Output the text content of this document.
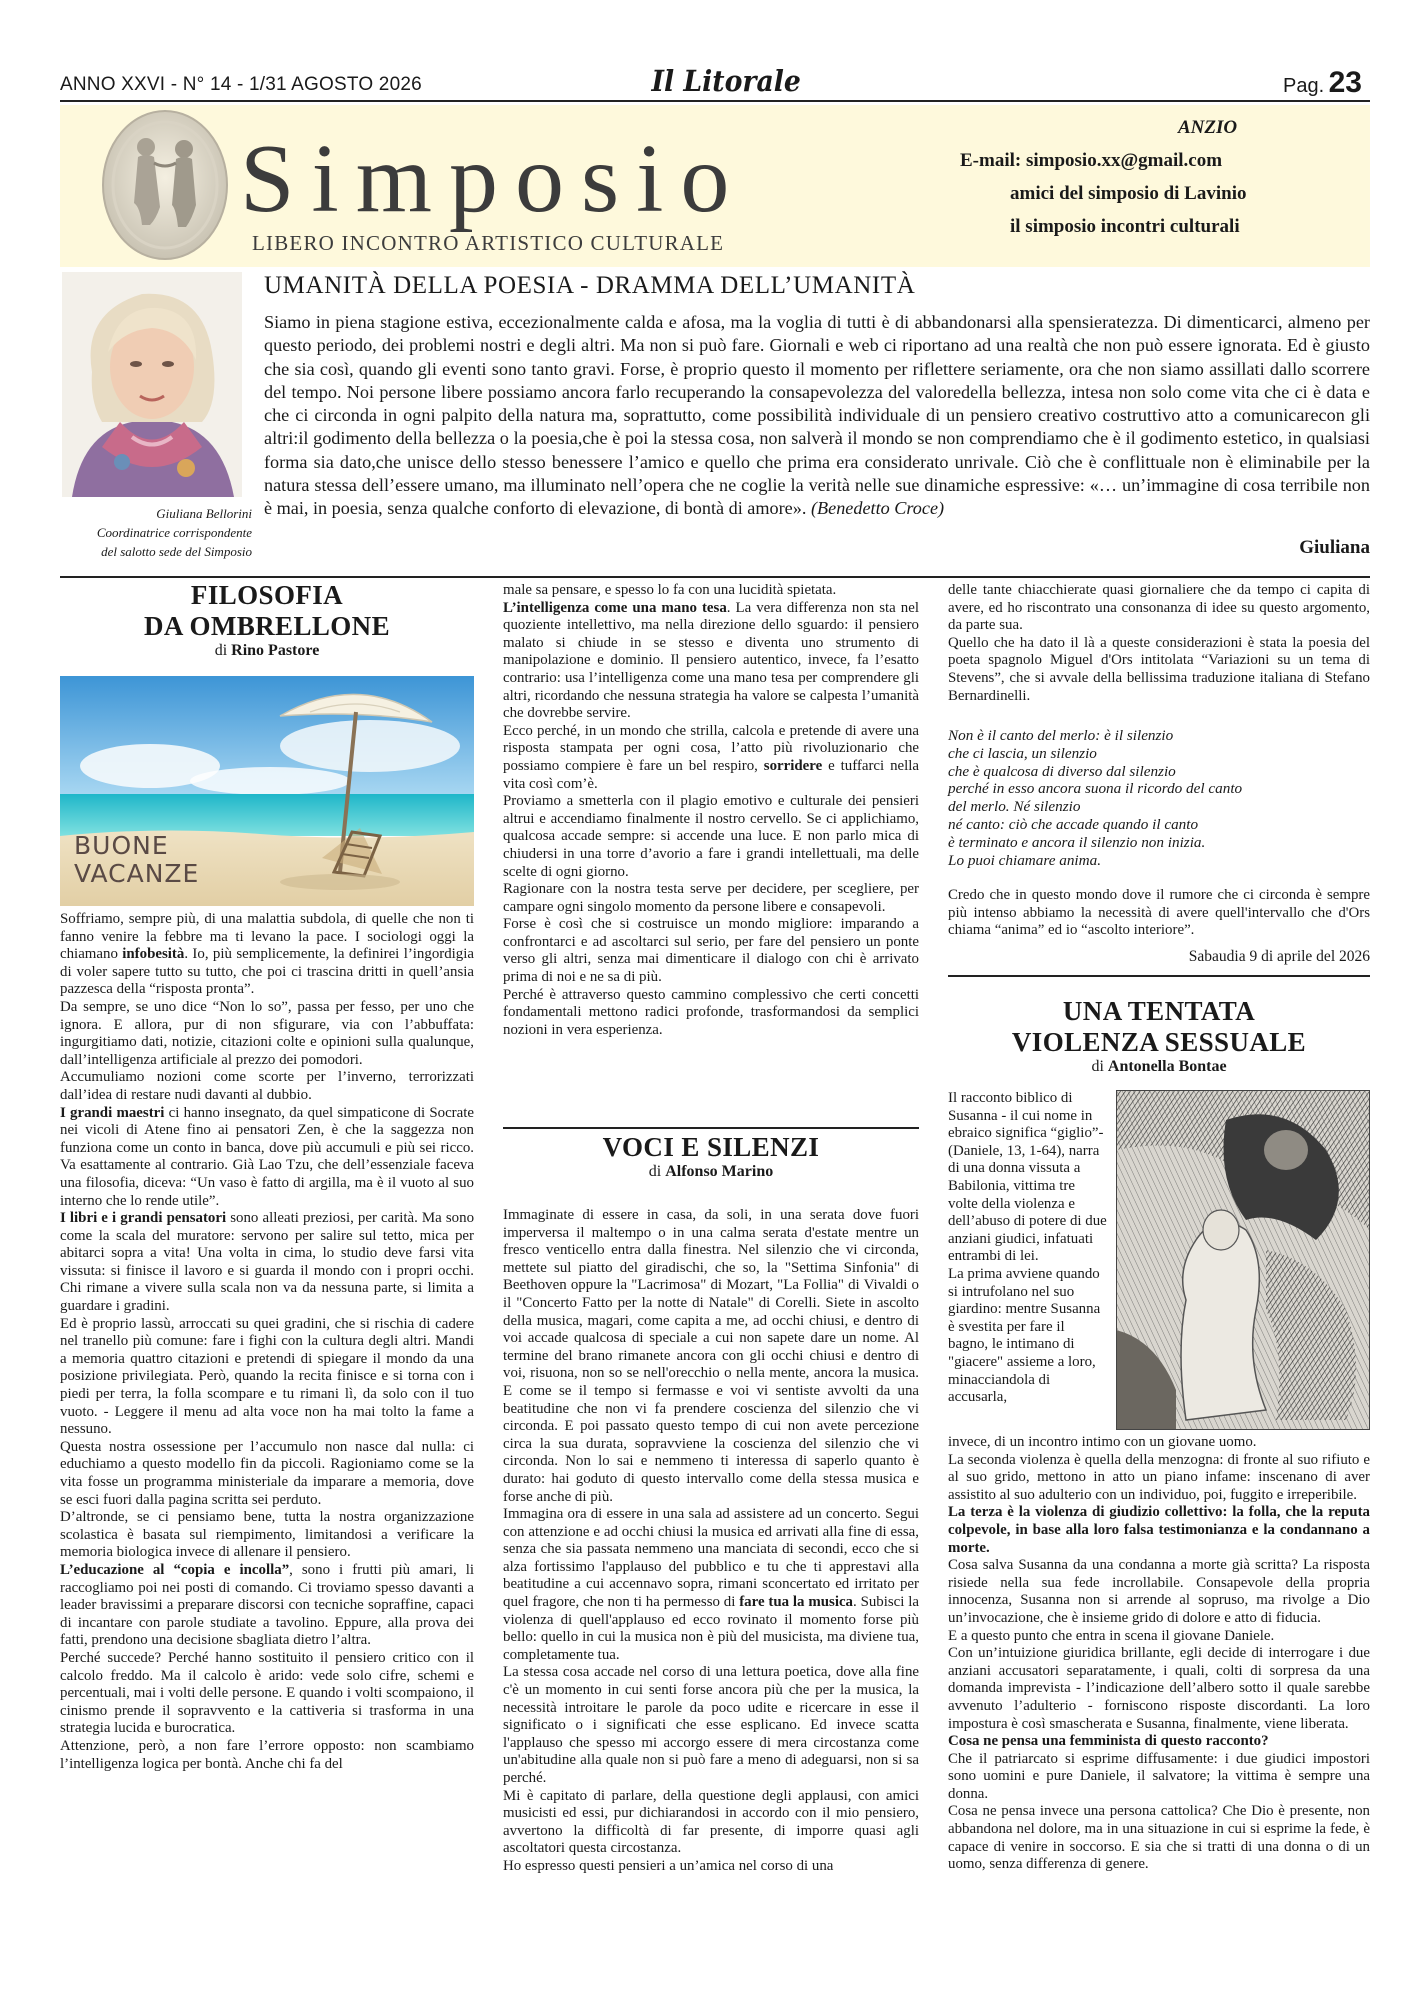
ANNO XXVI - N° 14 - 1/31 AGOSTO 2026	Il Litorale	Pag. 23
Simposio
LIBERO INCONTRO ARTISTICO CULTURALE
ANZIO
E-mail: simposio.xx@gmail.com
amici del simposio di Lavinio
il simposio incontri culturali
Giuliana Bellorini
Coordinatrice corrispondente
del salotto sede del Simposio
UMANITÀ DELLA POESIA - DRAMMA DELL’UMANITÀ
Siamo in piena stagione estiva, eccezionalmente calda e afosa, ma la voglia di tutti è di abbandonarsi alla spensieratezza. Di dimenticarci, almeno per questo periodo, dei problemi nostri e degli altri. Ma non si può fare. Giornali e web ci riportano ad una realtà che non può essere ignorata. Ed è giusto che sia così, quando gli eventi sono tanto gravi. Forse, è proprio questo il momento per riflettere seriamente, ora che non siamo assillati dallo scorrere del tempo. Noi persone libere possiamo ancora farlo recuperando la consapevolezza del valoredella bellezza, intesa non solo come vita che ci è data e che ci circonda in ogni palpito della natura ma, soprattutto, come possibilità individuale di un pensiero creativo costruttivo atto a comunicarecon gli altri:il godimento della bellezza o la poesia,che è poi la stessa cosa, non salverà il mondo se non comprendiamo che è il godimento estetico, in qualsiasi forma sia dato,che unisce dello stesso benessere l’amico e quello che prima era considerato unrivale. Ciò che è conflittuale non è eliminabile per la natura stessa dell’essere umano, ma illuminato nell’opera che ne coglie la verità nelle sue dinamiche espressive: «… un’immagine di cosa terribile non è mai, in poesia, senza qualche conforto di elevazione, di bontà di amore». (Benedetto Croce)
Giuliana
FILOSOFIA
DA OMBRELLONE
di Rino Pastore
BUONE
VACANZE

Soffriamo, sempre più, di una malattia subdola, di quelle che non ti fanno venire la febbre ma ti levano la pace. I sociologi oggi la chiamano infobesità. Io, più semplicemente, la definirei l’ingordigia di voler sapere tutto su tutto, che poi ci trascina dritti in quell’ansia pazzesca della “risposta pronta”.

Da sempre, se uno dice “Non lo so”, passa per fesso, per uno che ignora. E allora, pur di non sfigurare, via con l’abbuffata: ingurgitiamo dati, notizie, citazioni colte e opinioni sulla qualunque, dall’intelligenza artificiale al prezzo dei pomodori.

Accumuliamo nozioni come scorte per l’inverno, terrorizzati dall’idea di restare nudi davanti al dubbio.

I grandi maestri ci hanno insegnato, da quel simpaticone di Socrate nei vicoli di Atene fino ai pensatori Zen, è che la saggezza non funziona come un conto in banca, dove più accumuli e più sei ricco. Va esattamente al contrario. Già Lao Tzu, che dell’essenziale faceva una filosofia, diceva: “Un vaso è fatto di argilla, ma è il vuoto al suo interno che lo rende utile”.

I libri e i grandi pensatori sono alleati preziosi, per carità. Ma sono come la scala del muratore: servono per salire sul tetto, mica per abitarci sopra a vita! Una volta in cima, lo studio deve farsi vita vissuta: si finisce il lavoro e si guarda il mondo con i propri occhi. Chi rimane a vivere sulla scala non va da nessuna parte, si limita a guardare i gradini.

Ed è proprio lassù, arroccati su quei gradini, che si rischia di cadere nel tranello più comune: fare i fighi con la cultura degli altri. Mandi a memoria quattro citazioni e pretendi di spiegare il mondo da una posizione privilegiata. Però, quando la recita finisce e si torna con i piedi per terra, la folla scompare e tu rimani lì, da solo con il tuo vuoto. - Leggere il menu ad alta voce non ha mai tolto la fame a nessuno.

Questa nostra ossessione per l’accumulo non nasce dal nulla: ci educhiamo a questo modello fin da piccoli. Ragioniamo come se la vita fosse un programma ministeriale da imparare a memoria, dove se esci fuori dalla pagina scritta sei perduto.

D’altronde, se ci pensiamo bene, tutta la nostra organizzazione scolastica è basata sul riempimento, limitandosi a verificare la memoria biologica invece di allenare il pensiero.

L’educazione al “copia e incolla”, sono i frutti più amari, li raccogliamo poi nei posti di comando. Ci troviamo spesso davanti a leader bravissimi a preparare discorsi con tecniche sopraffine, capaci di incantare con parole studiate a tavolino. Eppure, alla prova dei fatti, prendono una decisione sbagliata dietro l’altra.

Perché succede? Perché hanno sostituito il pensiero critico con il calcolo freddo. Ma il calcolo è arido: vede solo cifre, schemi e percentuali, mai i volti delle persone. E quando i volti scompaiono, il cinismo prende il sopravvento e la cattiveria si trasforma in una strategia lucida e burocratica.

Attenzione, però, a non fare l’errore opposto: non scambiamo l’intelligenza logica per bontà. Anche chi fa del

male sa pensare, e spesso lo fa con una lucidità spietata.

L’intelligenza come una mano tesa. La vera differenza non sta nel quoziente intellettivo, ma nella direzione dello sguardo: il pensiero malato si chiude in se stesso e diventa uno strumento di manipolazione e dominio. Il pensiero autentico, invece, fa l’esatto contrario: usa l’intelligenza come una mano tesa per comprendere gli altri, ricordando che nessuna strategia ha valore se calpesta l’umanità che dovrebbe servire.

Ecco perché, in un mondo che strilla, calcola e pretende di avere una risposta stampata per ogni cosa, l’atto più rivoluzionario che possiamo compiere è fare un bel respiro, sorridere e tuffarci nella vita così com’è.

Proviamo a smetterla con il plagio emotivo e culturale dei pensieri altrui e accendiamo finalmente il nostro cervello. Se ci applichiamo, qualcosa accade sempre: si accende una luce. E non parlo mica di chiudersi in una torre d’avorio a fare i grandi intellettuali, ma delle scelte di ogni giorno.

Ragionare con la nostra testa serve per decidere, per scegliere, per campare ogni singolo momento da persone libere e consapevoli.

Forse è così che si costruisce un mondo migliore: imparando a confrontarci e ad ascoltarci sul serio, per fare del pensiero un ponte verso gli altri, senza mai dimenticare il dialogo con chi è arrivato prima di noi e ne sa di più.

Perché è attraverso questo cammino complessivo che certi concetti fondamentali mettono radici profonde, trasformandosi da semplici nozioni in vera esperienza.

VOCI E SILENZI
di Alfonso Marino

Immaginate di essere in casa, da soli, in una serata dove fuori imperversa il maltempo o in una calma serata d'estate mentre un fresco venticello entra dalla finestra. Nel silenzio che vi circonda, mettete sul piatto del giradischi, che so, la "Settima Sinfonia" di Beethoven oppure la "Lacrimosa" di Mozart, "La Follia" di Vivaldi o il "Concerto Fatto per la notte di Natale" di Corelli. Siete in ascolto della musica, magari, come capita a me, ad occhi chiusi, e dentro di voi accade qualcosa di speciale a cui non sapete dare un nome. Al termine del brano rimanete ancora con gli occhi chiusi e dentro di voi, risuona, non so se nell'orecchio o nella mente, ancora la musica. E come se il tempo si fermasse e voi vi sentiste avvolti da una beatitudine che non vi fa prendere coscienza del silenzio che vi circonda. E poi passato questo tempo di cui non avete percezione circa la sua durata, sopravviene la coscienza del silenzio che vi circonda. Non lo sai e nemmeno ti interessa di saperlo quanto è durato: hai goduto di questo intervallo come della stessa musica e forse anche di più.

Immagina ora di essere in una sala ad assistere ad un concerto. Segui con attenzione e ad occhi chiusi la musica ed arrivati alla fine di essa, senza che sia passata nemmeno una manciata di secondi, ecco che si alza fortissimo l'applauso del pubblico e tu che ti apprestavi alla beatitudine a cui accennavo sopra, rimani sconcertato ed irritato per quel fragore, che non ti ha permesso di fare tua la musica. Subisci la violenza di quell'applauso ed ecco rovinato il momento forse più bello: quello in cui la musica non è più del musicista, ma diviene tua, completamente tua.

La stessa cosa accade nel corso di una lettura poetica, dove alla fine c'è un momento in cui senti forse ancora più che per la musica, la necessità introitare le parole da poco udite e ricercare in esse il significato o i significati che esse esplicano. Ed invece scatta l'applauso che spesso mi accorgo essere di mera circostanza come un'abitudine alla quale non si può fare a meno di adeguarsi, non si sa perché.

Mi è capitato di parlare, della questione degli applausi, con amici musicisti ed essi, pur dichiarandosi in accordo con il mio pensiero, avvertono la difficoltà di far presente, di imporre quasi agli ascoltatori questa circostanza.

Ho espresso questi pensieri a un’amica nel corso di una

delle tante chiacchierate quasi giornaliere che da tempo ci capita di avere, ed ho riscontrato una consonanza di idee su questo argomento, da parte sua.

Quello che ha dato il là a queste considerazioni è stata la poesia del poeta spagnolo Miguel d'Ors intitolata “Variazioni su un tema di Stevens”, che si avvale della bellissima traduzione italiana di Stefano Bernardinelli.

Non è il canto del merlo: è il silenzio
che ci lascia, un silenzio
che è qualcosa di diverso dal silenzio
perché in esso ancora suona il ricordo del canto
del merlo. Né silenzio
né canto: ciò che accade quando il canto
è terminato e ancora il silenzio non inizia.
Lo puoi chiamare anima.

Credo che in questo mondo dove il rumore che ci circonda è sempre più intenso abbiamo la necessità di avere quell'intervallo che d'Ors chiama “anima” ed io “ascolto interiore”.

Sabaudia 9 di aprile del 2026
UNA TENTATA
VIOLENZA SESSUALE
di Antonella Bontae
Il racconto biblico di Susanna - il cui nome in ebraico significa “giglio”- (Daniele, 13, 1-64), narra di una donna vissuta a Babilonia, vittima tre volte della violenza e dell’abuso di potere di due anziani giudici, infatuati entrambi di lei.
La prima avviene quando si intrufolano nel suo giardino: mentre Susanna è svestita per fare il bagno, le intimano di "giacere" assieme a loro, minacciandola di accusarla,

invece, di un incontro intimo con un giovane uomo.

La seconda violenza è quella della menzogna: di fronte al suo rifiuto e al suo grido, mettono in atto un piano infame: inscenano di aver assistito al suo adulterio con un individuo, poi, fuggito e irreperibile.

La terza è la violenza di giudizio collettivo: la folla, che la reputa colpevole, in base alla loro falsa testimonianza e la condannano a morte.

Cosa salva Susanna da una condanna a morte già scritta? La risposta risiede nella sua fede incrollabile. Consapevole della propria innocenza, Susanna non si arrende al sopruso, ma rivolge a Dio un’invocazione, che è insieme grido di dolore e atto di fiducia.

E a questo punto che entra in scena il giovane Daniele.

Con un’intuizione giuridica brillante, egli decide di interrogare i due anziani accusatori separatamente, i quali, colti di sorpresa da una domanda imprevista - l’indicazione dell’albero sotto il quale sarebbe avvenuto l’adulterio - forniscono risposte discordanti. La loro impostura è così smascherata e Susanna, finalmente, viene liberata.

Cosa ne pensa una femminista di questo racconto?

Che il patriarcato si esprime diffusamente: i due giudici impostori sono uomini e pure Daniele, il salvatore; la vittima è sempre una donna.

Cosa ne pensa invece una persona cattolica? Che Dio è presente, non abbandona nel dolore, ma in una situazione in cui si esprime la fede, è capace di venire in soccorso. E sia che si tratti di una donna o di un uomo, senza differenza di genere.
